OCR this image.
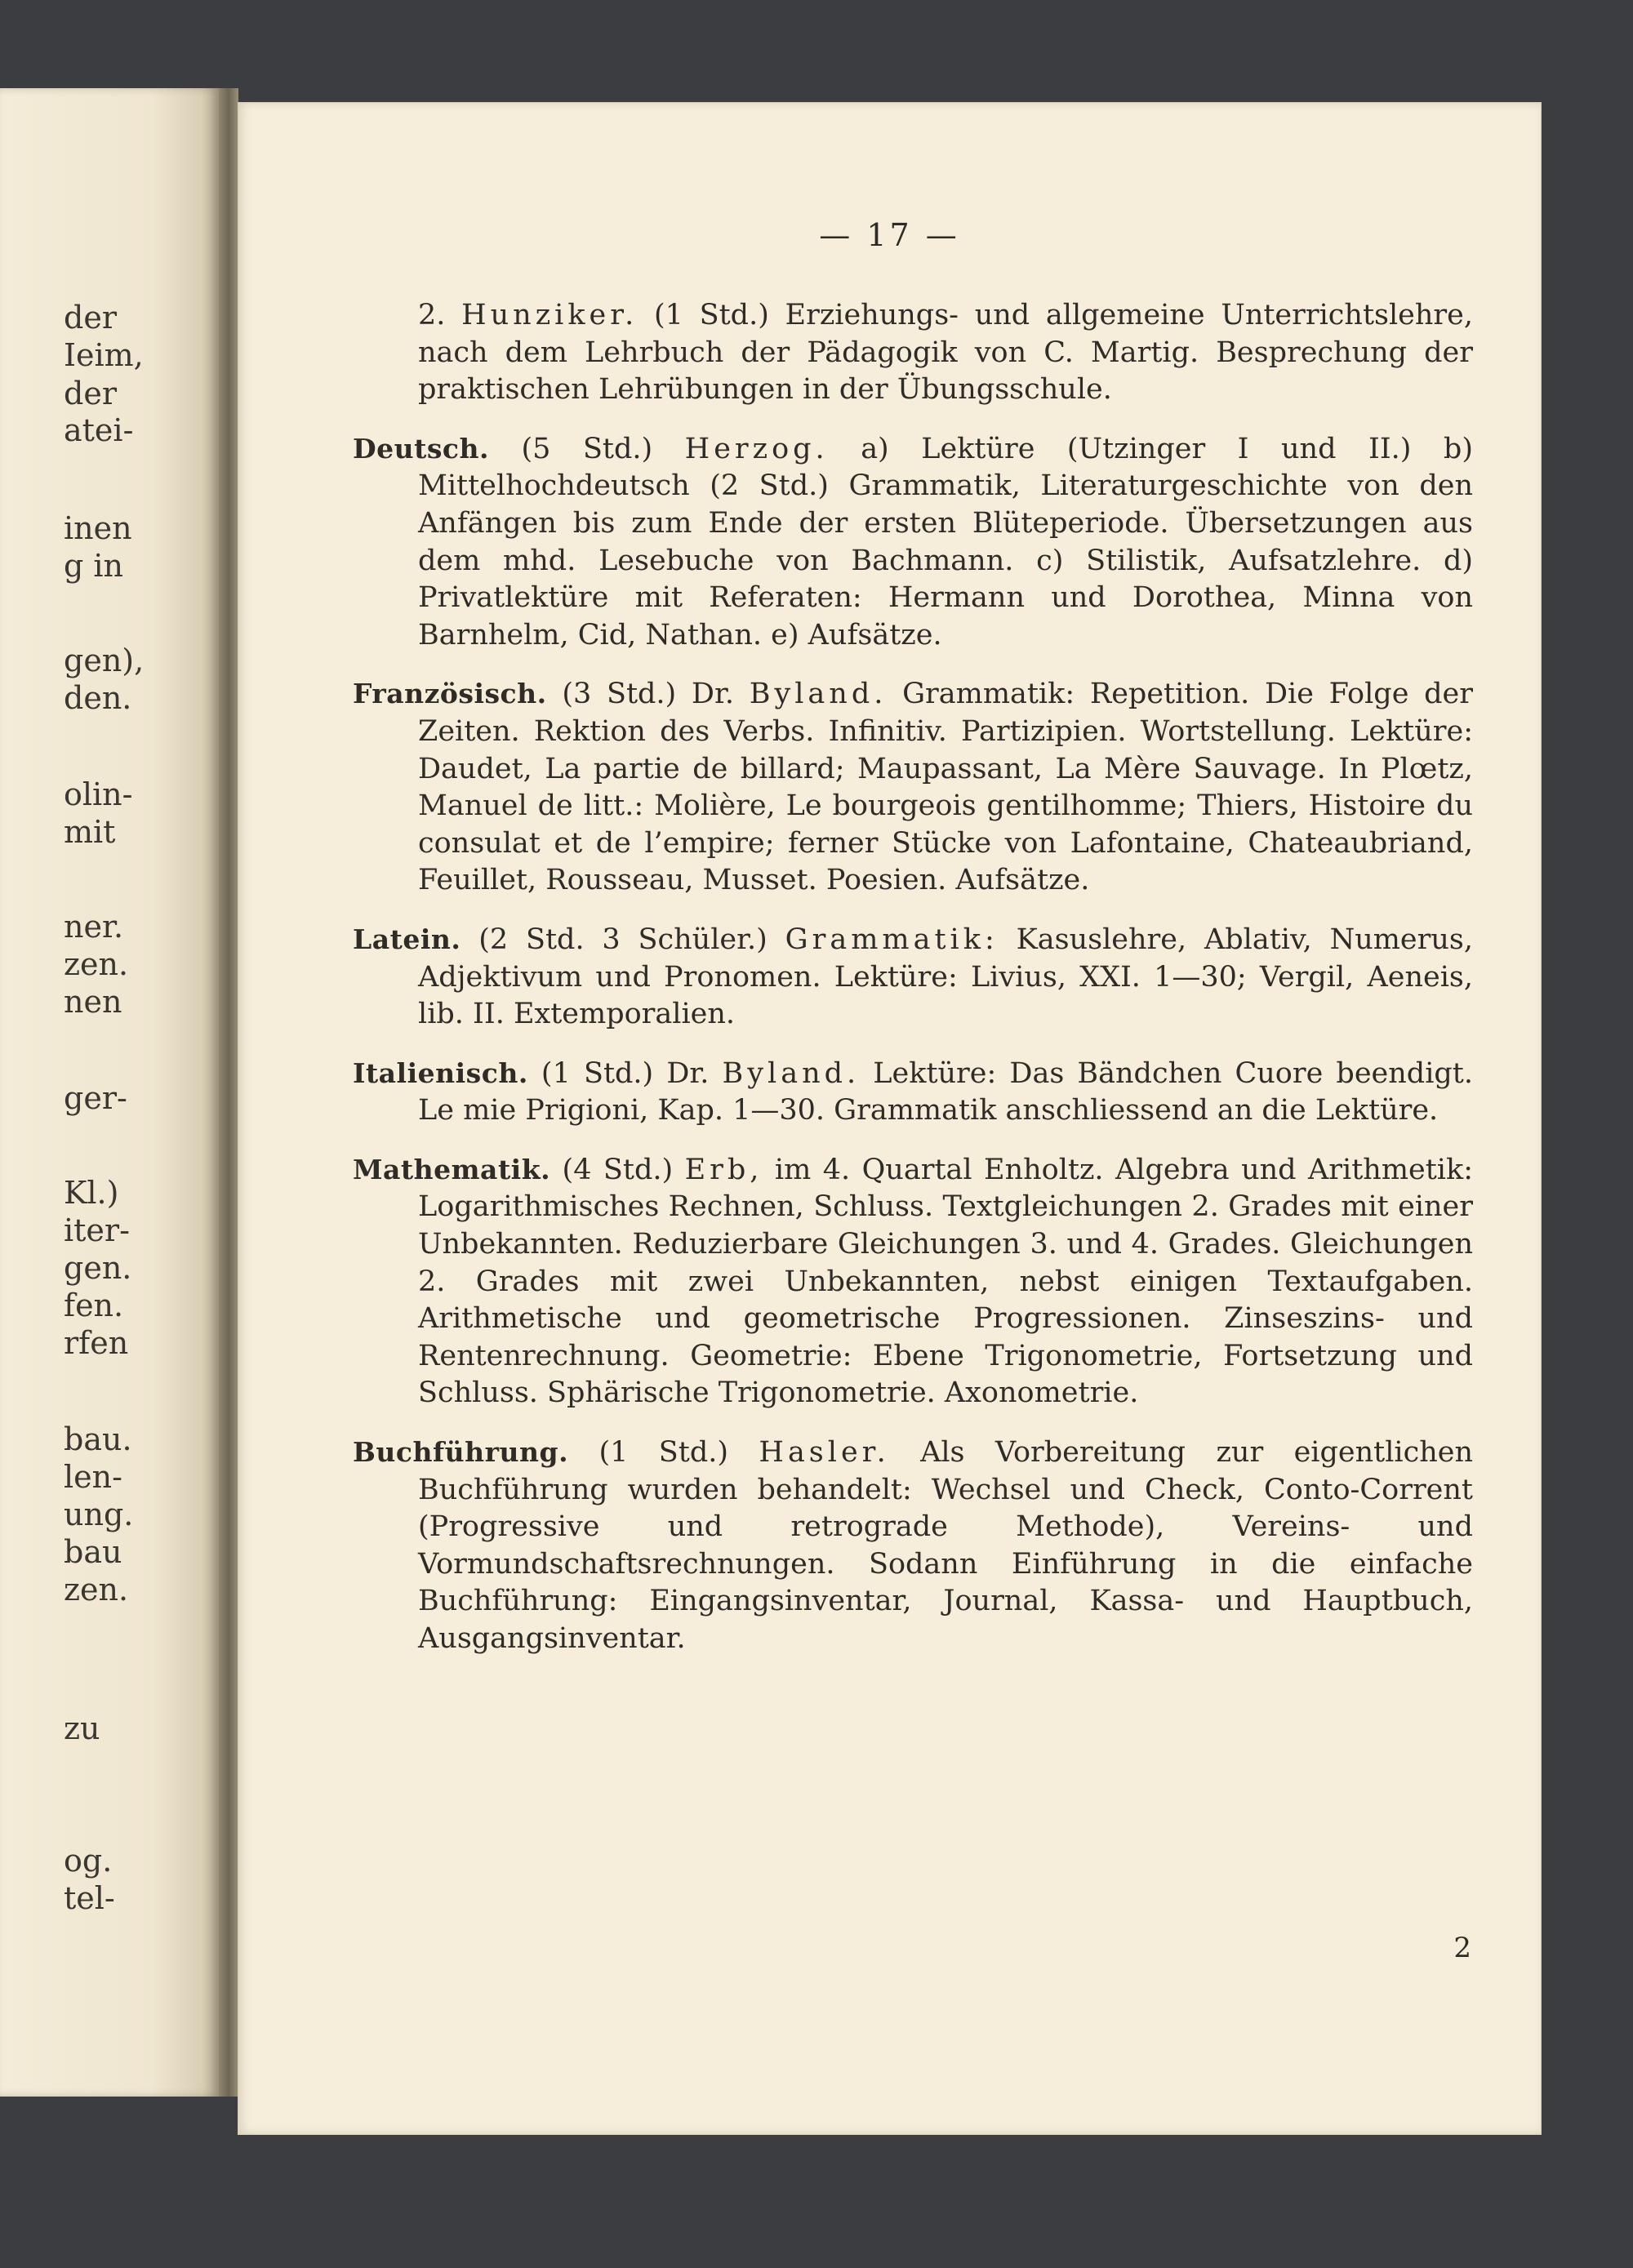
der
Ieim,
der
atei-
inen
g in
gen),
den.
olin-
mit
ner.
zen.
nen
ger-
Kl.)
iter-
gen.
fen.
rfen
bau.
len-
ung.
bau
zen.
zu
og.
tel-
— 17 —

2. Hunziker. (1 Std.) Erziehungs- und allgemeine Unterrichtslehre, nach dem Lehrbuch der Pädagogik von C. Martig. Besprechung der praktischen Lehrübungen in der Übungsschule.

Deutsch. (5 Std.) Herzog. a) Lektüre (Utzinger I und II.) b) Mittelhochdeutsch (2 Std.) Grammatik, Literaturgeschichte von den Anfängen bis zum Ende der ersten Blüteperiode. Übersetzungen aus dem mhd. Lesebuche von Bachmann. c) Stilistik, Aufsatzlehre. d) Privatlektüre mit Referaten: Hermann und Dorothea, Minna von Barnhelm, Cid, Nathan. e) Aufsätze.

Französisch. (3 Std.) Dr. Byland. Grammatik: Repetition. Die Folge der Zeiten. Rektion des Verbs. Infinitiv. Partizipien. Wortstellung. Lektüre: Daudet, La partie de billard; Maupassant, La Mère Sauvage. In Plœtz, Manuel de litt.: Molière, Le bourgeois gentilhomme; Thiers, Histoire du consulat et de l’empire; ferner Stücke von Lafontaine, Chateaubriand, Feuillet, Rousseau, Musset. Poesien. Aufsätze.

Latein. (2 Std. 3 Schüler.) Grammatik: Kasuslehre, Ablativ, Numerus, Adjektivum und Pronomen. Lektüre: Livius, XXI. 1—30; Vergil, Aeneis, lib. II. Extemporalien.

Italienisch. (1 Std.) Dr. Byland. Lektüre: Das Bändchen Cuore beendigt. Le mie Prigioni, Kap. 1—30. Grammatik anschliessend an die Lektüre.

Mathematik. (4 Std.) Erb, im 4. Quartal Enholtz. Algebra und Arithmetik: Logarithmisches Rechnen, Schluss. Textgleichungen 2. Grades mit einer Unbekannten. Reduzierbare Gleichungen 3. und 4. Grades. Gleichungen 2. Grades mit zwei Unbekannten, nebst einigen Textaufgaben. Arithmetische und geometrische Progressionen. Zinseszins- und Rentenrechnung. Geometrie: Ebene Trigonometrie, Fortsetzung und Schluss. Sphärische Trigonometrie. Axonometrie.

Buchführung. (1 Std.) Hasler. Als Vorbereitung zur eigentlichen Buchführung wurden behandelt: Wechsel und Check, Conto-Corrent (Progressive und retrograde Methode), Vereins- und Vormundschaftsrechnungen. Sodann Einführung in die einfache Buchführung: Eingangsinventar, Journal, Kassa- und Hauptbuch, Ausgangsinventar.

2
